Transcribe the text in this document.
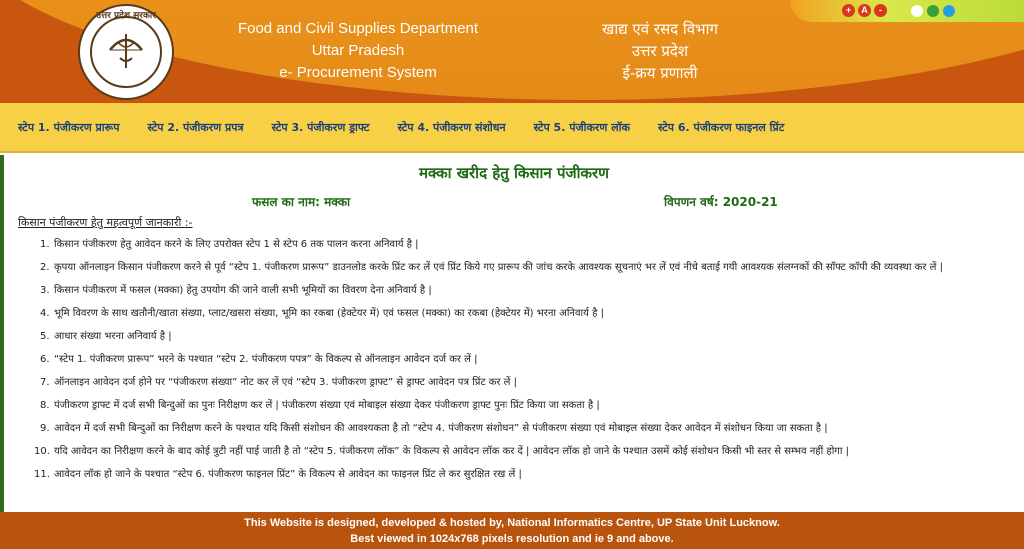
उत्तर प्रदेश सरकार
Food and Civil Supplies Department
Uttar Pradesh
e- Procurement System
खाद्य एवं रसद विभाग
उत्तर प्रदेश
ई-क्रय प्रणाली
+	A	-
स्टेप 1. पंजीकरण प्रारूप	स्टेप 2. पंजीकरण प्रपत्र	स्टेप 3. पंजीकरण ड्राफ्ट	स्टेप 4. पंजीकरण संशोधन	स्टेप 5. पंजीकरण लॉक	स्टेप 6. पंजीकरण फाइनल प्रिंट
मक्का खरीद हेतु किसान पंजीकरण
फसल का नाम: मक्का	विपणन वर्ष: 2020-21
किसान पंजीकरण हेतु महत्वपूर्ण जानकारी :-
1. किसान पंजीकरण हेतु आवेदन करने के लिए उपरोक्त स्टेप 1 से स्टेप 6 तक पालन करना अनिवार्य है |
2. कृपया ऑनलाइन किसान पंजीकरण करने से पूर्व “स्टेप 1. पंजीकरण प्रारूप” डाउनलोड करके प्रिंट कर लें एवं प्रिंट किये गए प्रारूप की जांच करके आवश्यक सूचनाएं भर लें एवं नीचे बताई गयी आवश्यक संलग्नकों की सॉफ्ट कॉपी की व्यवस्था कर लें |
3. किसान पंजीकरण में फसल (मक्का) हेतु उपयोग की जाने वाली सभी भूमियों का विवरण देना अनिवार्य है |
4. भूमि विवरण के साथ खतौनी/खाता संख्या, प्लाट/खसरा संख्या, भूमि का रकबा (हेक्टेयर में) एवं फसल (मक्का) का रकबा (हेक्टेयर में) भरना अनिवार्य है |
5. आधार संख्या भरना अनिवार्य है |
6. “स्टेप 1. पंजीकरण प्रारूप” भरने के पश्चात “स्टेप 2. पंजीकरण पपत्र” के विकल्प से ऑनलाइन आवेदन दर्ज कर लें |
7. ऑनलाइन आवेदन दर्ज होने पर “पंजीकरण संख्या” नोट कर लें एवं “स्टेप 3. पंजीकरण ड्राफ्ट” से ड्राफ्ट आवेदन पत्र प्रिंट कर लें |
8. पंजीकरण ड्राफ्ट में दर्ज सभी बिन्दुओं का पुनः निरीक्षण कर लें | पंजीकरण संख्या एवं मोबाइल संख्या देकर पंजीकरण ड्राफ्ट पुनः प्रिंट किया जा सकता है |
9. आवेदन में दर्ज सभी बिन्दुओं का निरीक्षण करने के पश्चात यदि किसी संशोधन की आवश्यकता है तो “स्टेप 4. पंजीकरण संशोधन” से पंजीकरण संख्या एवं मोबाइल संख्या देकर आवेदन में संशोधन किया जा सकता है |
10. यदि आवेदन का निरीक्षण करने के बाद कोई त्रुटी नहीं पाई जाती है तो “स्टेप 5. पंजीकरण लॉक” के विकल्प से आवेदन लॉक कर दें | आवेदन लॉक हो जाने के पश्चात उसमें कोई संशोधन किसी भी स्तर से सम्भव नहीं होगा |
11. आवेदन लॉक हो जाने के पश्चात “स्टेप 6. पंजीकरण फाइनल प्रिंट” के विकल्प से आवेदन का फाइनल प्रिंट ले कर सुरक्षित रख लें |
This Website is designed, developed & hosted by, National Informatics Centre, UP State Unit Lucknow.
Best viewed in 1024x768 pixels resolution and ie 9 and above.
